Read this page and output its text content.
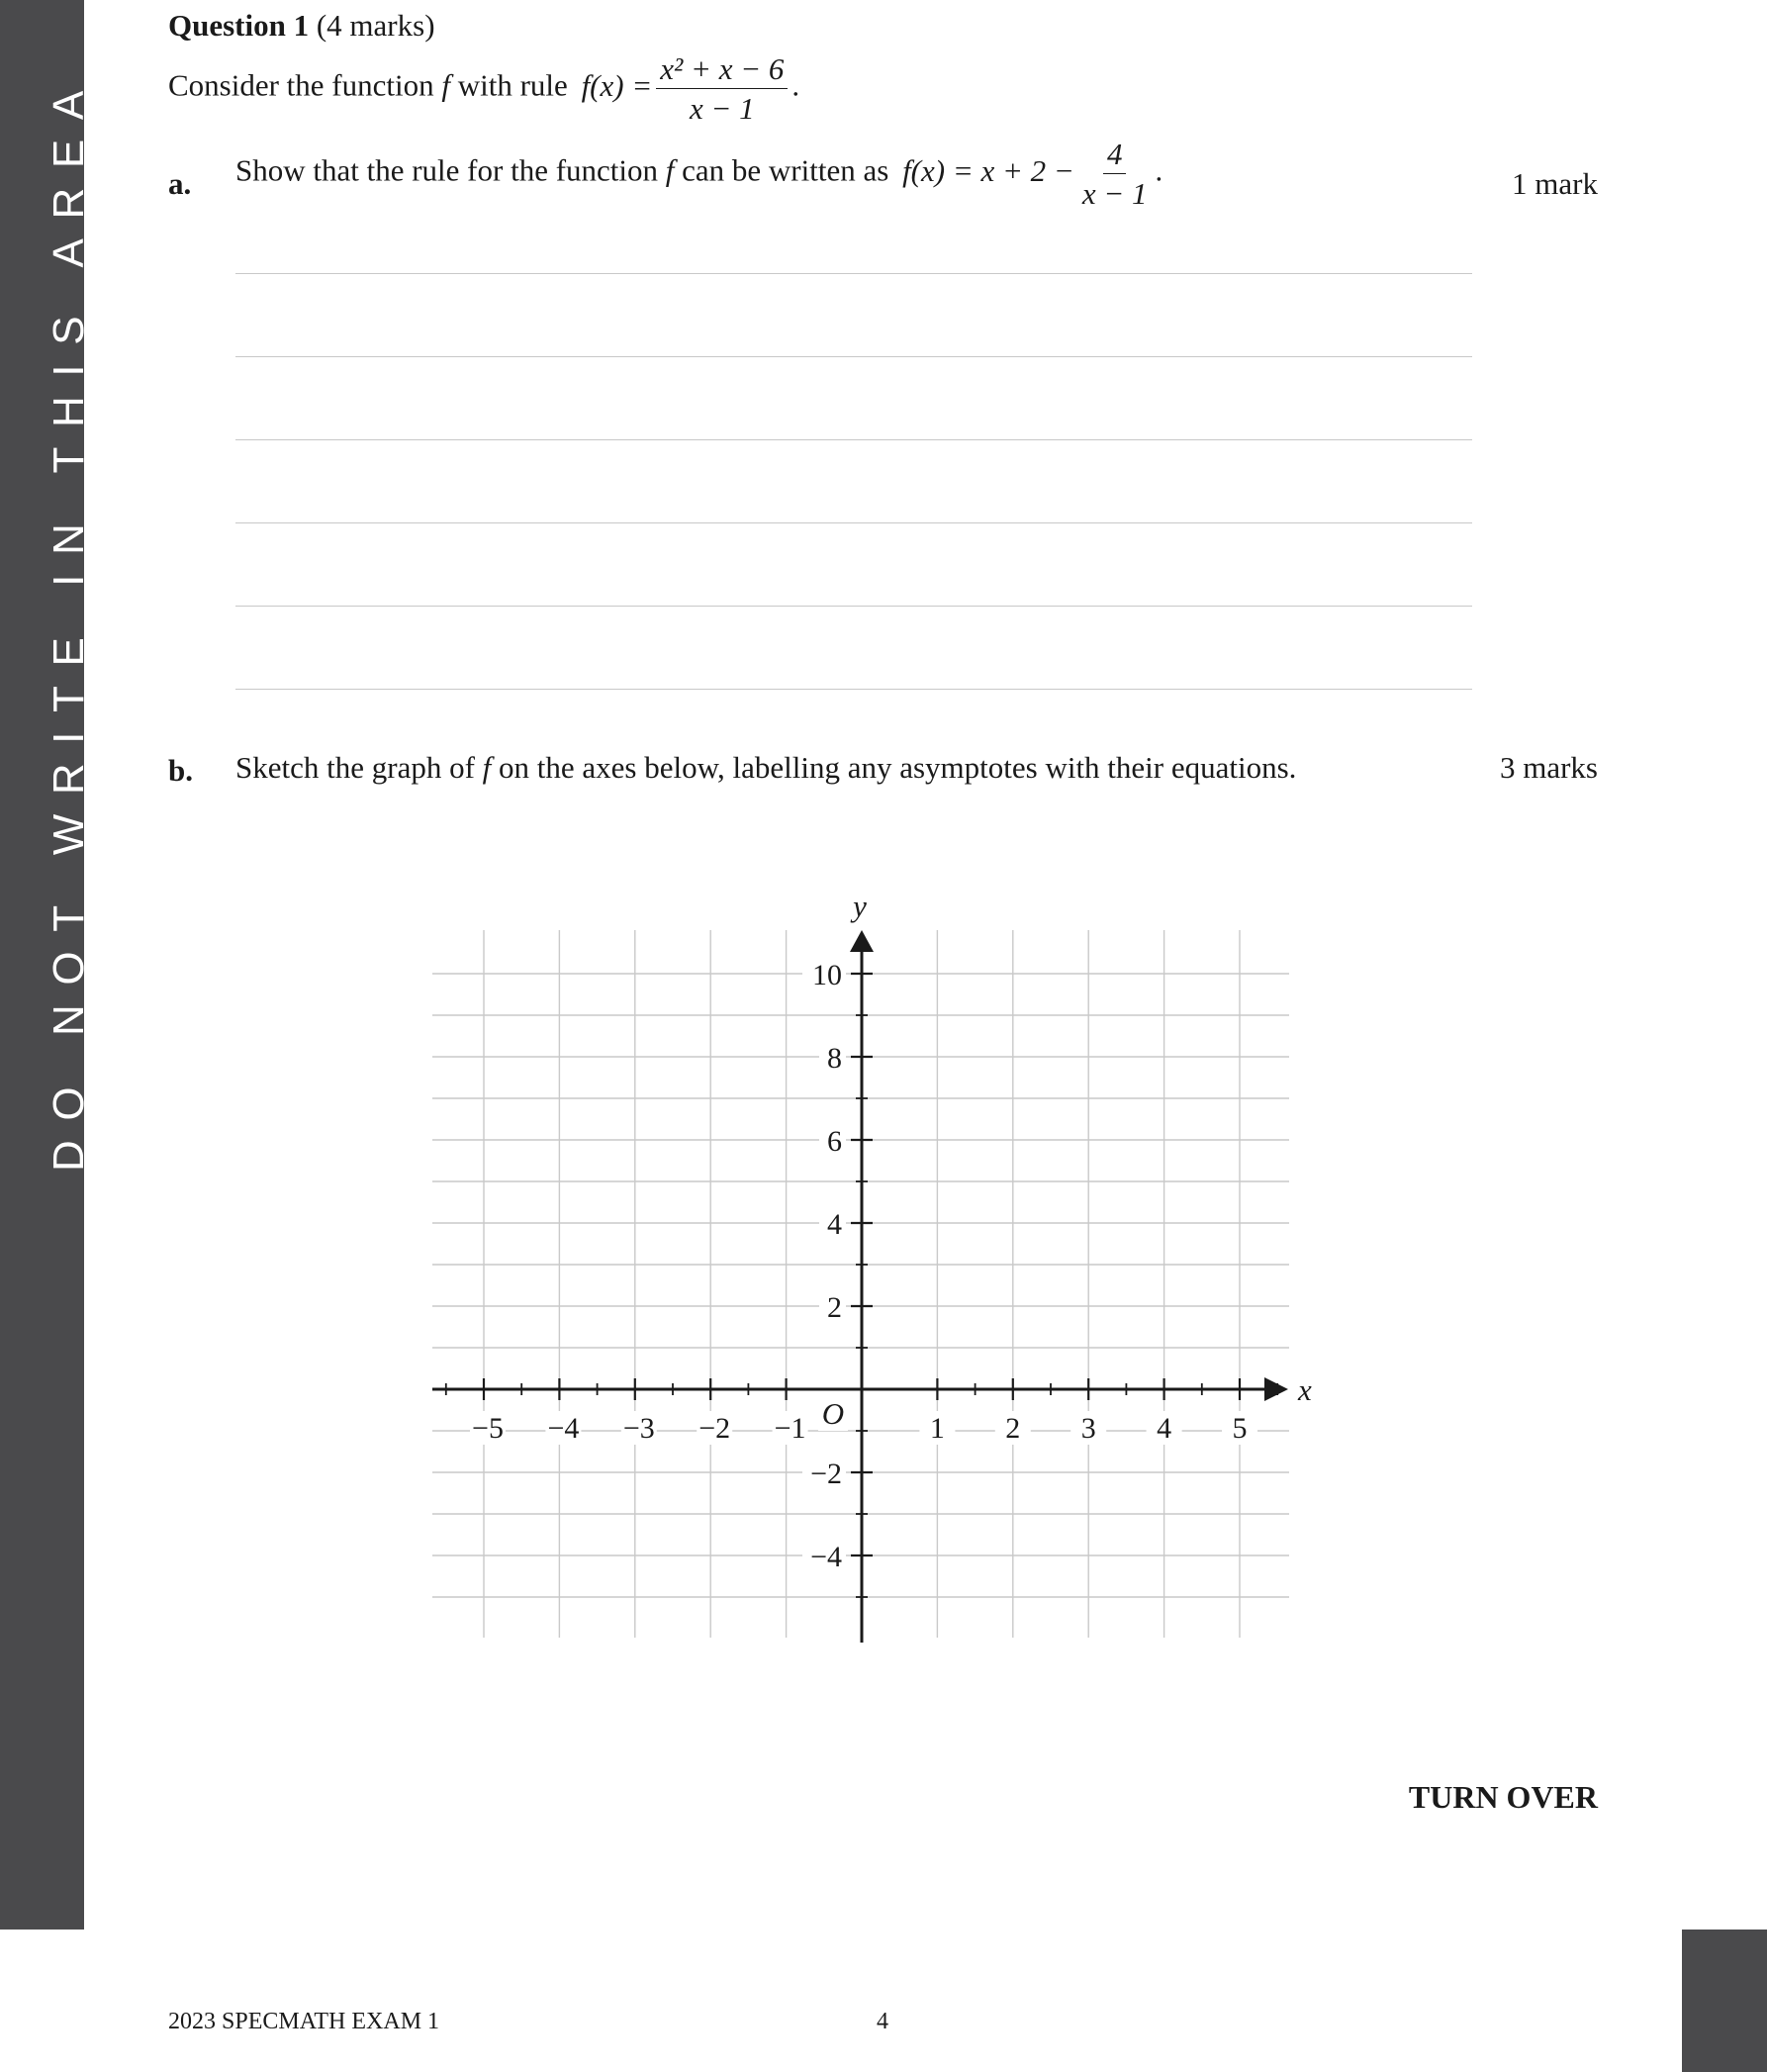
DO NOT WRITE IN THIS AREA
Question 1 (4 marks)
Consider the function f with rule $f(x) = \frac{\text{x² + x − 6}}{x - 1}$ .
a. Show that the rule for the function f can be written as $f(x) = x + 2 - \frac{4}{x - 1}$ .	1 mark
b. Sketch the graph of f on the axes below, labelling any asymptotes with their equations.	3 marks
−5 −4 −3 −2 −1	1 2 3 4 5
10
8
6
4
2
−2
−4
x
y
O
TURN OVER
2023 SPECMATH EXAM 1	4
